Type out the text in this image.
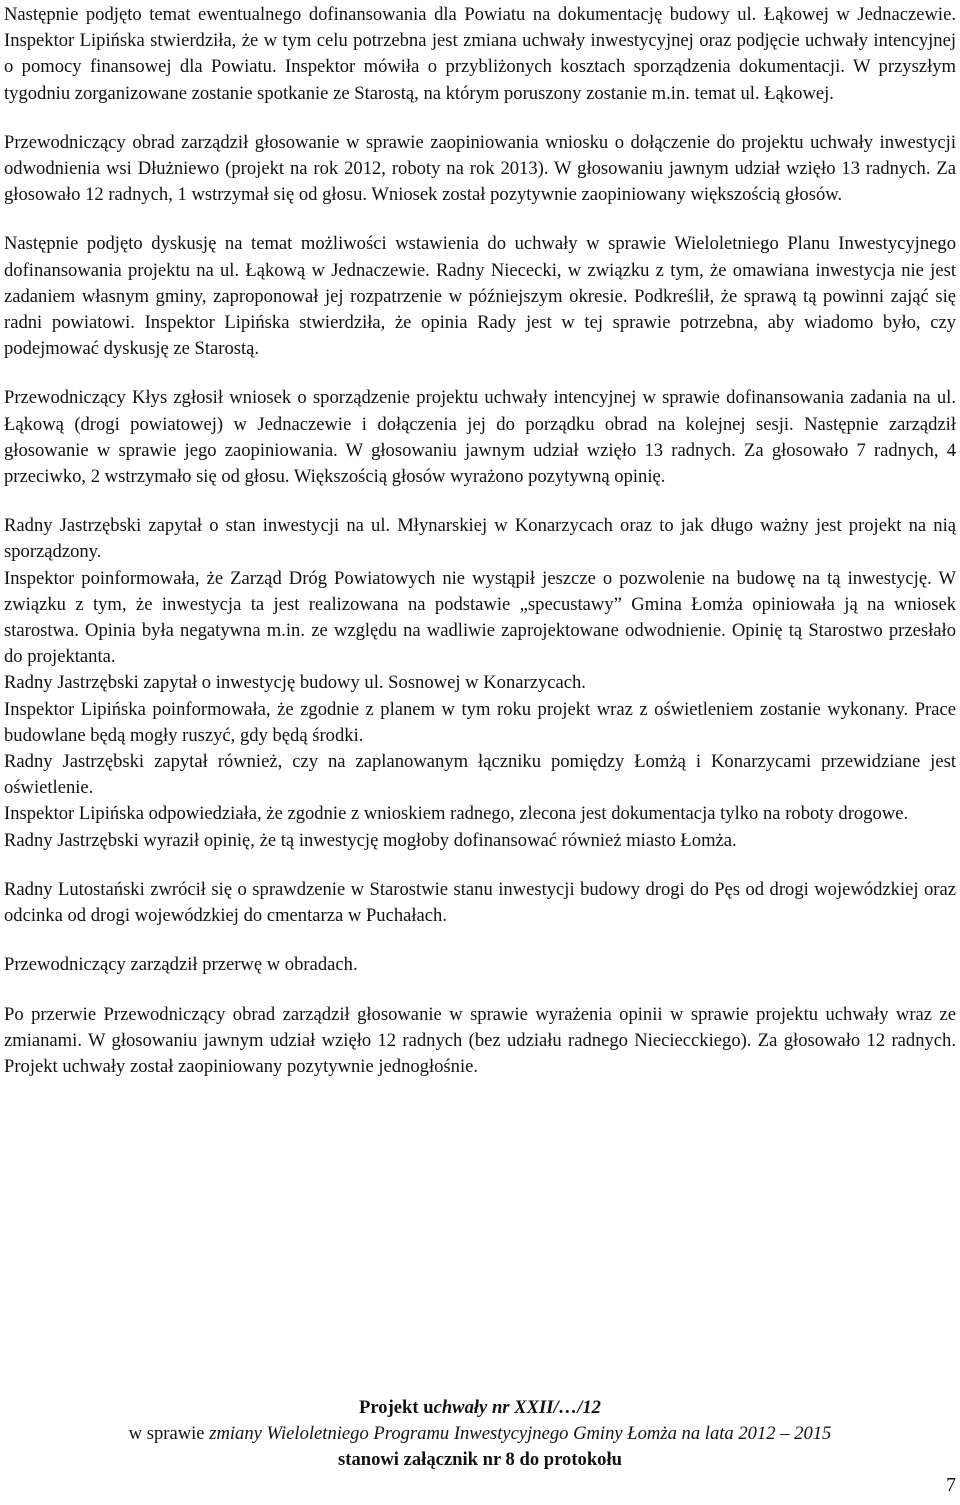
Następnie podjęto temat ewentualnego dofinansowania dla Powiatu na dokumentację budowy ul. Łąkowej w Jednaczewie. Inspektor Lipińska stwierdziła, że w tym celu potrzebna jest zmiana uchwały inwestycyjnej oraz podjęcie uchwały intencyjnej o pomocy finansowej dla Powiatu. Inspektor mówiła o przybliżonych kosztach sporządzenia dokumentacji. W przyszłym tygodniu zorganizowane zostanie spotkanie ze Starostą, na którym poruszony zostanie m.in. temat ul. Łąkowej.

Przewodniczący obrad zarządził głosowanie w sprawie zaopiniowania wniosku o dołączenie do projektu uchwały inwestycji odwodnienia wsi Dłużniewo (projekt na rok 2012, roboty na rok 2013). W głosowaniu jawnym udział wzięło 13 radnych. Za głosowało 12 radnych, 1 wstrzymał się od głosu. Wniosek został pozytywnie zaopiniowany większością głosów.

Następnie podjęto dyskusję na temat możliwości wstawienia do uchwały w sprawie Wieloletniego Planu Inwestycyjnego dofinansowania projektu na ul. Łąkową w Jednaczewie. Radny Niececki, w związku z tym, że omawiana inwestycja nie jest zadaniem własnym gminy, zaproponował jej rozpatrzenie w późniejszym okresie. Podkreślił, że sprawą tą powinni zająć się radni powiatowi. Inspektor Lipińska stwierdziła, że opinia Rady jest w tej sprawie potrzebna, aby wiadomo było, czy podejmować dyskusję ze Starostą.

Przewodniczący Kłys zgłosił wniosek o sporządzenie projektu uchwały intencyjnej w sprawie dofinansowania zadania na ul. Łąkową (drogi powiatowej) w Jednaczewie i dołączenia jej do porządku obrad na kolejnej sesji. Następnie zarządził głosowanie w sprawie jego zaopiniowania. W głosowaniu jawnym udział wzięło 13 radnych. Za głosowało 7 radnych, 4 przeciwko, 2 wstrzymało się od głosu. Większością głosów wyrażono pozytywną opinię.

Radny Jastrzębski zapytał o stan inwestycji na ul. Młynarskiej w Konarzycach oraz to jak długo ważny jest projekt na nią sporządzony.

Inspektor poinformowała, że Zarząd Dróg Powiatowych nie wystąpił jeszcze o pozwolenie na budowę na tą inwestycję. W związku z tym, że inwestycja ta jest realizowana na podstawie „specustawy” Gmina Łomża opiniowała ją na wniosek starostwa. Opinia była negatywna m.in. ze względu na wadliwie zaprojektowane odwodnienie. Opinię tą Starostwo przesłało do projektanta.

Radny Jastrzębski zapytał o inwestycję budowy ul. Sosnowej w Konarzycach.

Inspektor Lipińska poinformowała, że zgodnie z planem w tym roku projekt wraz z oświetleniem zostanie wykonany. Prace budowlane będą mogły ruszyć, gdy będą środki.

Radny Jastrzębski zapytał również, czy na zaplanowanym łączniku pomiędzy Łomżą i Konarzycami przewidziane jest oświetlenie.

Inspektor Lipińska odpowiedziała, że zgodnie z wnioskiem radnego, zlecona jest dokumentacja tylko na roboty drogowe.

Radny Jastrzębski wyraził opinię, że tą inwestycję mogłoby dofinansować również miasto Łomża.

Radny Lutostański zwrócił się o sprawdzenie w Starostwie stanu inwestycji budowy drogi do Pęs od drogi wojewódzkiej oraz odcinka od drogi wojewódzkiej do cmentarza w Puchałach.

Przewodniczący zarządził przerwę w obradach.

Po przerwie Przewodniczący obrad zarządził głosowanie w sprawie wyrażenia opinii w sprawie projektu uchwały wraz ze zmianami. W głosowaniu jawnym udział wzięło 12 radnych (bez udziału radnego Nieciecckiego). Za głosowało 12 radnych. Projekt uchwały został zaopiniowany pozytywnie jednogłośnie.

Projekt uchwały nr XXII/…/12
w sprawie zmiany Wieloletniego Programu Inwestycyjnego Gminy Łomża na lata 2012 – 2015
stanowi załącznik nr 8 do protokołu
7
